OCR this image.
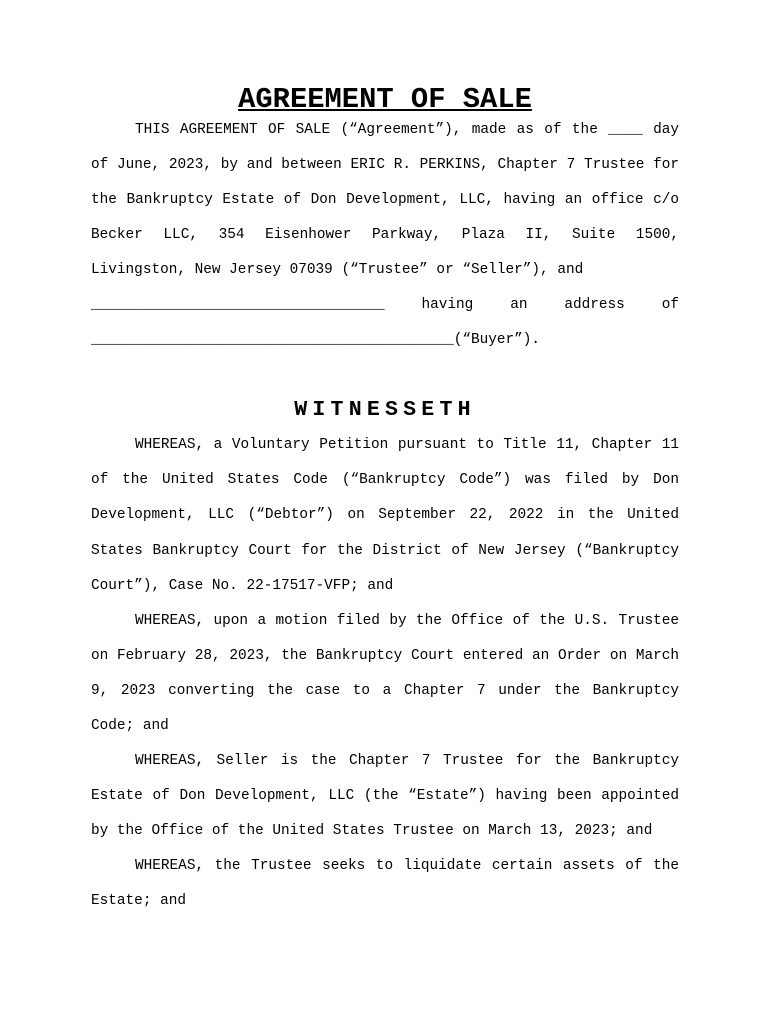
AGREEMENT OF SALE

THIS AGREEMENT OF SALE (“Agreement”), made as of the ____ day of June, 2023, by and between ERIC R. PERKINS, Chapter 7 Trustee for the Bankruptcy Estate of Don Development, LLC, having an office c/o Becker LLC, 354 Eisenhower Parkway, Plaza II, Suite 1500, Livingston, New Jersey 07039 (“Trustee” or “Seller”), and

__________________________________	having	an	address	of
__________________________________________(“Buyer”).
WITNESSETH

WHEREAS, a Voluntary Petition pursuant to Title 11, Chapter 11 of the United States Code (“Bankruptcy Code”) was filed by Don Development, LLC (“Debtor”) on September 22, 2022 in the United States Bankruptcy Court for the District of New Jersey (“Bankruptcy Court”), Case No. 22-17517-VFP; and

WHEREAS, upon a motion filed by the Office of the U.S. Trustee on February 28, 2023, the Bankruptcy Court entered an Order on March 9, 2023 converting the case to a Chapter 7 under the Bankruptcy Code; and

WHEREAS, Seller is the Chapter 7 Trustee for the Bankruptcy Estate of Don Development, LLC (the “Estate”) having been appointed by the Office of the United States Trustee on March 13, 2023; and

WHEREAS, the Trustee seeks to liquidate certain assets of the Estate; and
